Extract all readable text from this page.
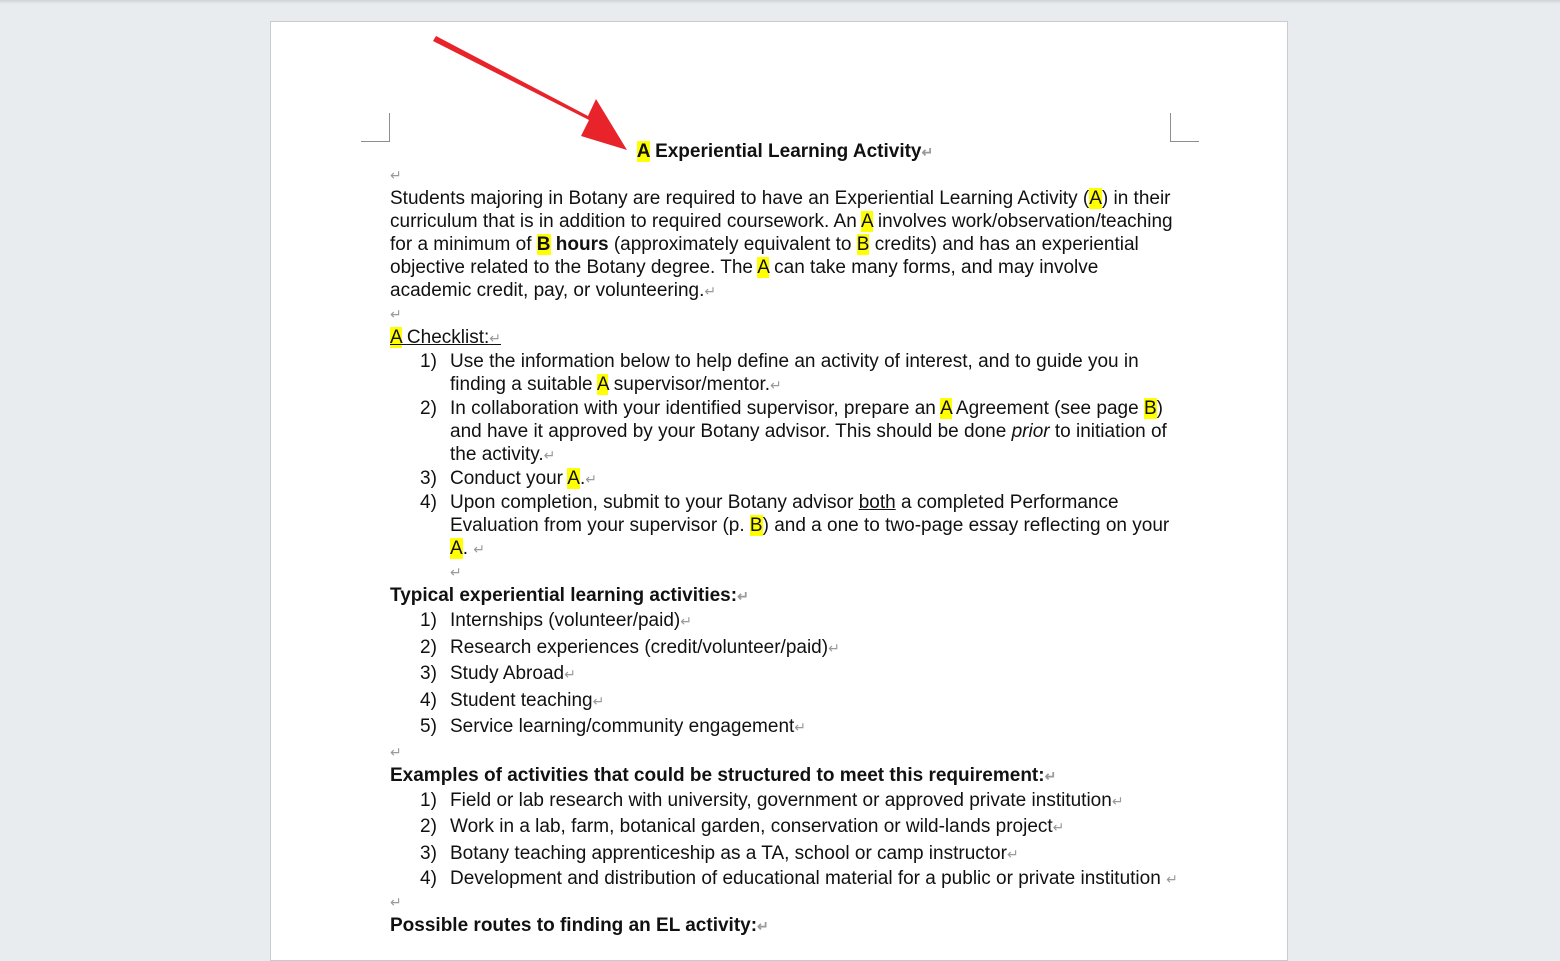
A Experiential Learning Activity↵

↵

Students majoring in Botany are required to have an Experiential Learning Activity (A) in their curriculum that is in addition to required coursework. An A involves work/observation/teaching for a minimum of B hours (approximately equivalent to B credits) and has an experiential objective related to the Botany degree. The A can take many forms, and may involve academic credit, pay, or volunteering.↵

↵

A Checklist:↵

1) Use the information below to help define an activity of interest, and to guide you in finding a suitable A supervisor/mentor.↵
2) In collaboration with your identified supervisor, prepare an A Agreement (see page B) and have it approved by your Botany advisor. This should be done prior to initiation of the activity.↵
3) Conduct your A.↵
4) Upon completion, submit to your Botany advisor both a completed Performance Evaluation from your supervisor (p. B) and a one to two-page essay reflecting on your A. ↵
↵

Typical experiential learning activities:↵

1) Internships (volunteer/paid)↵
2) Research experiences (credit/volunteer/paid)↵
3) Study Abroad↵
4) Student teaching↵
5) Service learning/community engagement↵
↵

Examples of activities that could be structured to meet this requirement:↵

1) Field or lab research with university, government or approved private institution↵
2) Work in a lab, farm, botanical garden, conservation or wild-lands project↵
3) Botany teaching apprenticeship as a TA, school or camp instructor↵
4) Development and distribution of educational material for a public or private institution ↵
↵

Possible routes to finding an EL activity:↵
